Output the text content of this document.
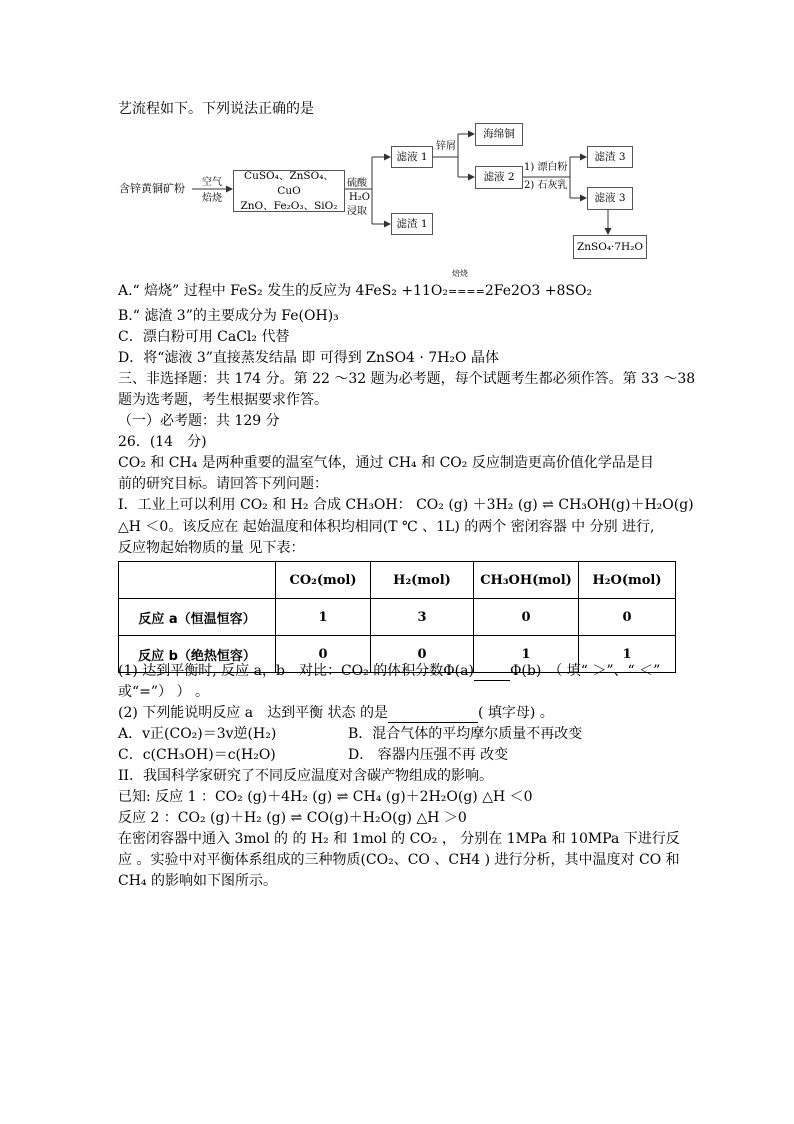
艺流程如下。下列说法正确的是
含锌黄铜矿粉 空气
焙烧
CuSO₄、ZnSO₄、CuO
ZnO、Fe₂O₃、SiO₂
硫酸
H₂O
浸取
滤液 1
滤渣 1
锌屑
海绵铜
滤液 2
1) 漂白粉
2) 石灰乳
滤渣 3
滤液 3
ZnSO₄·7H₂O
A.“ 焙烧” 过程中 FeS₂ 发生的反应为 4FeS₂ +11O₂
焙烧
====2Fe2O3 +8SO₂
B.“ 滤渣 3”的主要成分为 Fe(OH)₃
C．漂白粉可用 CaCl₂ 代替
D．将“滤液 3”直接蒸发结晶 即 可得到 ZnSO4 · 7H₂O 晶体
三、非选择题：共 174 分。第 22 ～32 题为必考题，每个试题考生都必须作答。第 33 ～38
题为选考题，考生根据要求作答。
（一）必考题：共 129 分
26．(14　分)
CO₂ 和 CH₄ 是两种重要的温室气体，通过 CH₄ 和 CO₂ 反应制造更高价值化学品是目
前的研究目标。请回答下列问题：
I．工业上可以利用 CO₂ 和 H₂ 合成 CH₃OH： CO₂ (g) ＋3H₂ (g) ⇌ CH₃OH(g)＋H₂O(g)
△H ＜0。该反应在 起始温度和体积均相同(T ℃ 、1L) 的两个 密闭容器 中 分别 进行,
反应物起始物质的量 见下表：
	CO₂(mol)	H₂(mol)	CH₃OH(mol)	H₂O(mol)
反应 a（恒温恒容）	1	3	0	0
反应 b（绝热恒容）	0	0	1	1
(1) 达到平衡时, 反应 a，b　对比：CO₂ 的体积分数Φ(a)	Φ(b)　（ 填“ ＞”、“ ＜”
或“=”） ） 。
(2) 下列能说明反应 a　达到平衡 状态 的是	( 填字母) 。
A．v正(CO₂)＝3v逆(H₂)	B．混合气体的平均摩尔质量不再改变
C．c(CH₃OH)＝c(H₂O)	D． 容器内压强不再 改变
II．我国科学家研究了不同反应温度对含碳产物组成的影响。
已知: 反应 1 ：CO₂ (g)＋4H₂ (g) ⇌ CH₄ (g)＋2H₂O(g) △H ＜0
反应 2 ：CO₂ (g)＋H₂ (g) ⇌ CO(g)＋H₂O(g) △H ＞0
在密闭容器中通入 3mol 的 的 H₂ 和 1mol 的 CO₂ ， 分别在 1MPa 和 10MPa 下进行反
应 。实验中对平衡体系组成的三种物质(CO₂、CO 、CH4 ) 进行分析，其中温度对 CO 和
CH₄ 的影响如下图所示。
